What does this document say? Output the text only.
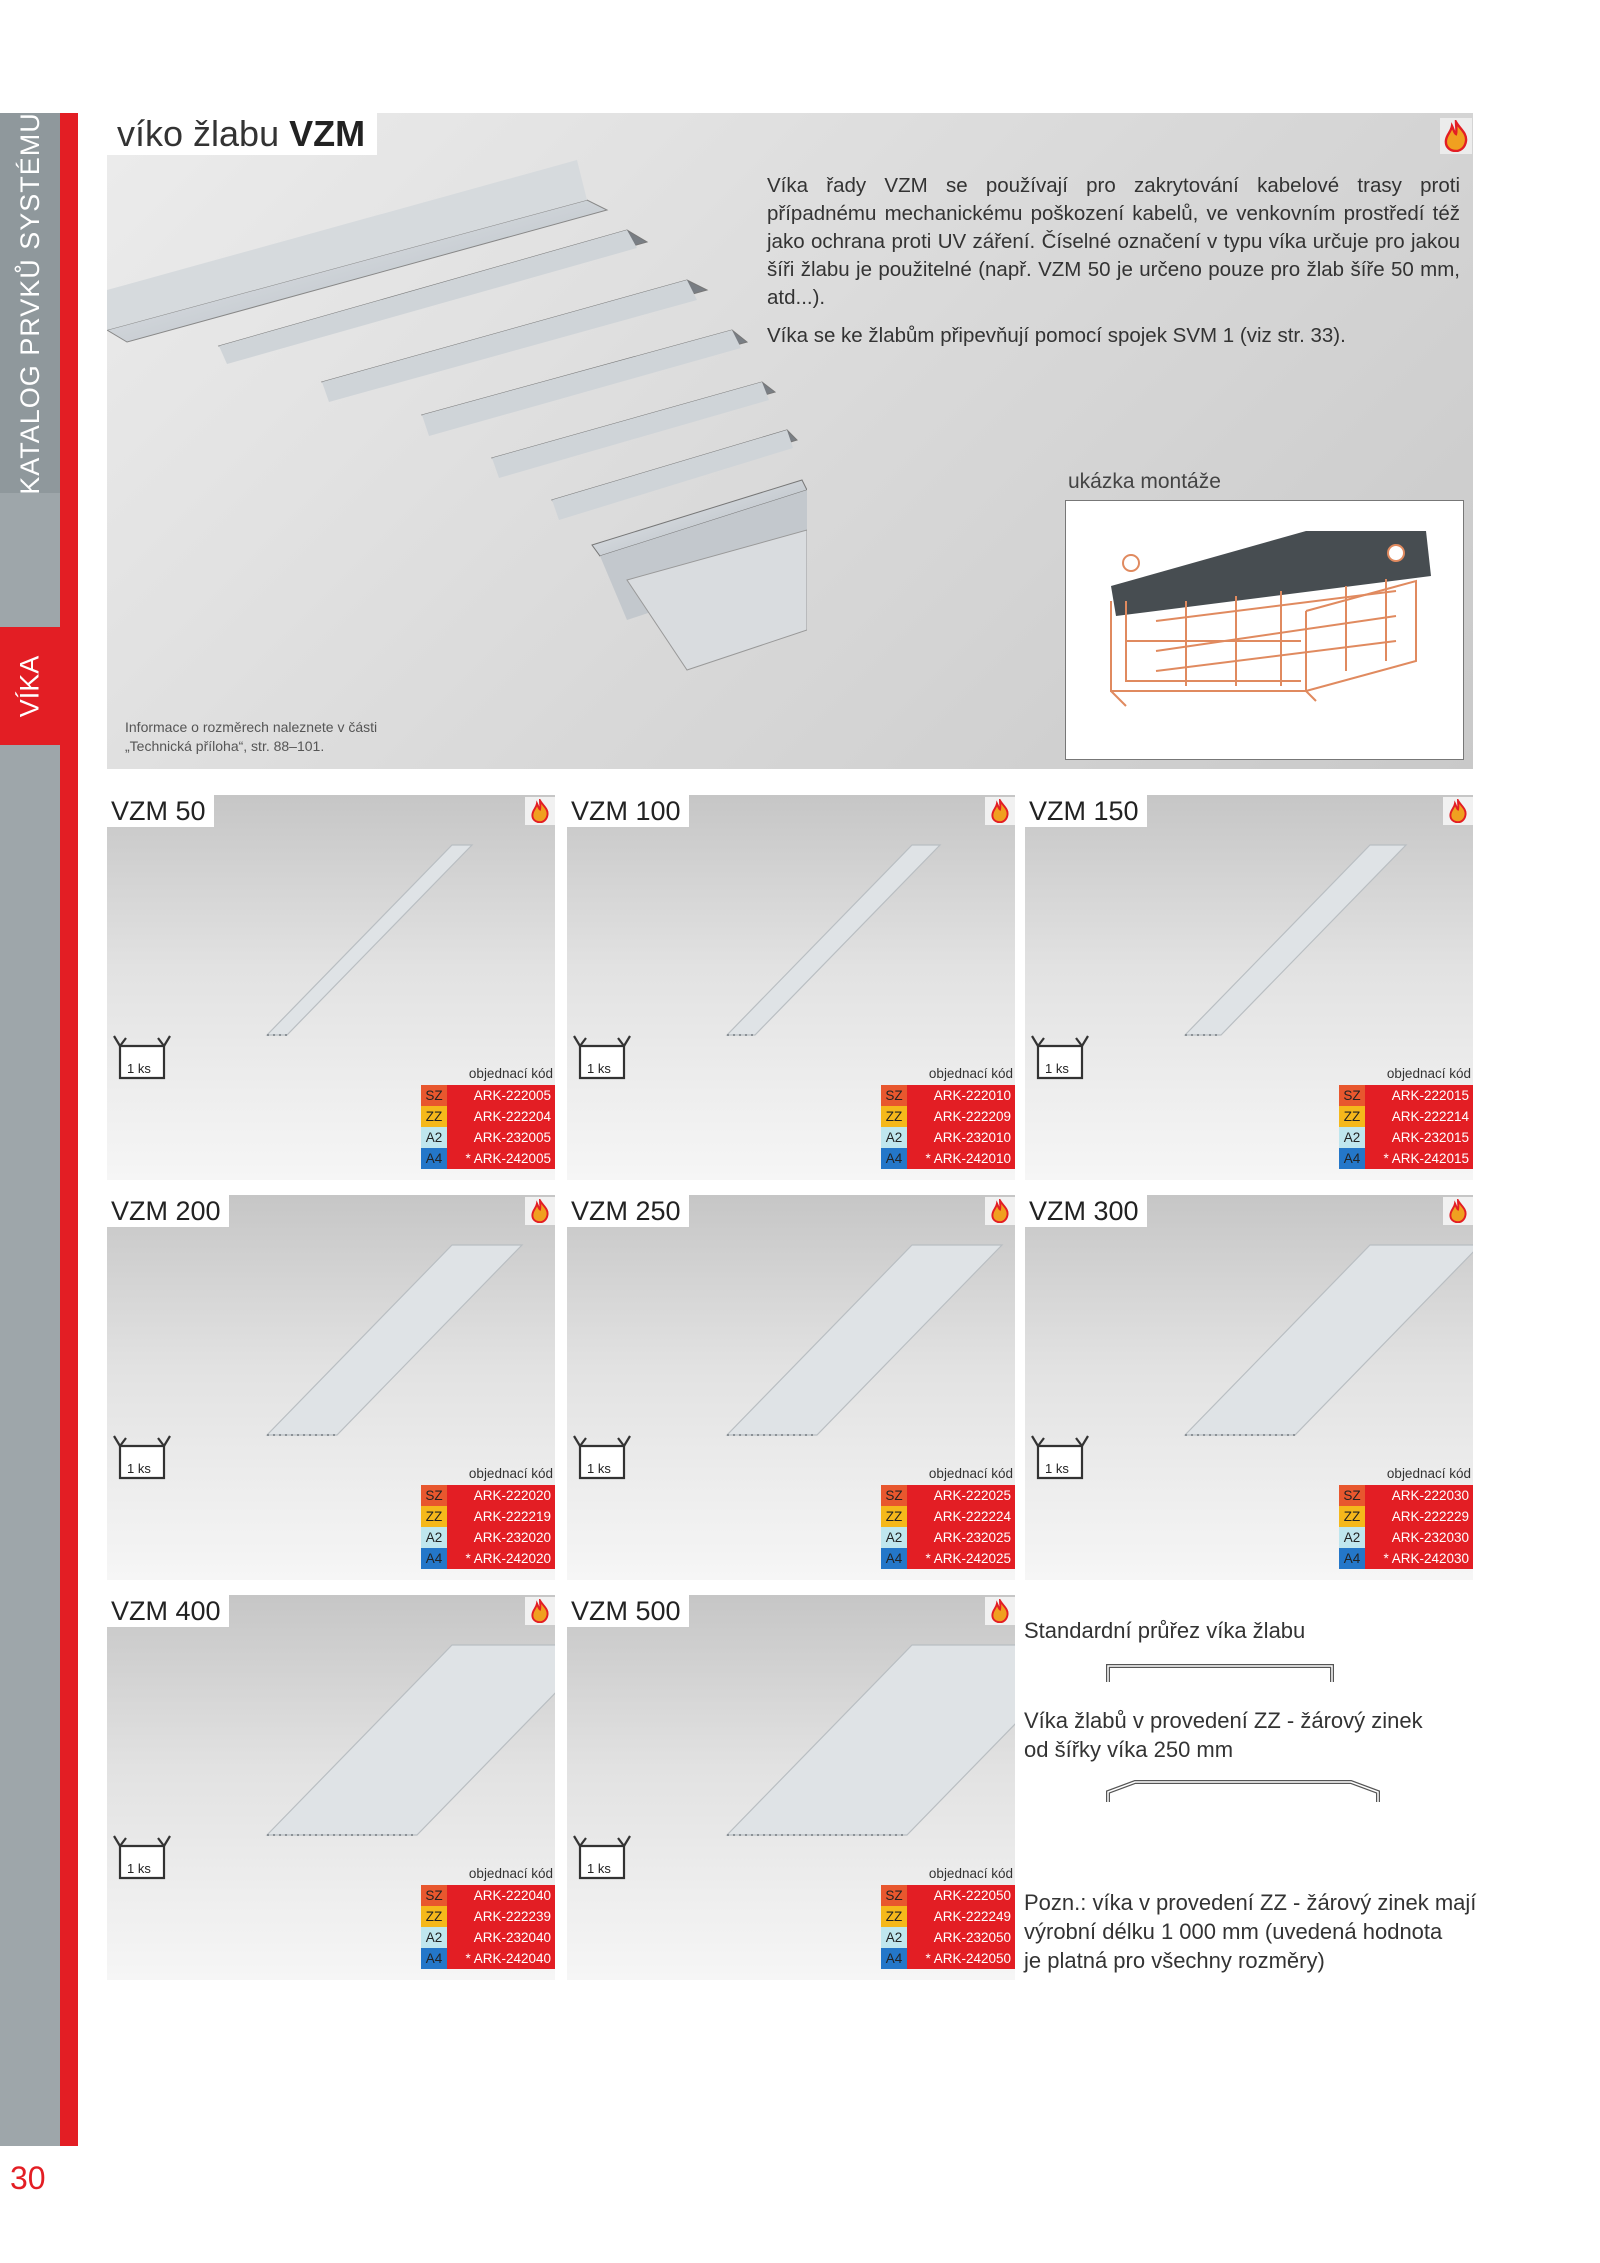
KATALOG PRVKŮ SYSTÉMU
VÍKA
30
víko žlabu VZM

Víka řady VZM se používají pro zakrytování kabelové trasy proti případnému mechanickému poškození kabelů, ve venkovním prostředí též jako ochrana proti UV záření. Číselné označení v typu víka určuje pro jakou šíři žlabu je použitelné (např. VZM 50 je určeno pouze pro žlab šíře 50 mm, atd...).

Víka se ke žlabům připevňují pomocí spojek SVM 1 (viz str. 33).

ukázka montáže
Informace o rozměrech naleznete v části
„Technická příloha“, str. 88–101.
VZM 50
1 ks	objednací kód
SZ	ARK-222005
ZZ	ARK-222204
A2	ARK-232005
A4	* ARK-242005
VZM 100
1 ks	objednací kód
SZ	ARK-222010
ZZ	ARK-222209
A2	ARK-232010
A4	* ARK-242010
VZM 150
1 ks	objednací kód
SZ	ARK-222015
ZZ	ARK-222214
A2	ARK-232015
A4	* ARK-242015
VZM 200
1 ks	objednací kód
SZ	ARK-222020
ZZ	ARK-222219
A2	ARK-232020
A4	* ARK-242020
VZM 250
1 ks	objednací kód
SZ	ARK-222025
ZZ	ARK-222224
A2	ARK-232025
A4	* ARK-242025
VZM 300
1 ks	objednací kód
SZ	ARK-222030
ZZ	ARK-222229
A2	ARK-232030
A4	* ARK-242030
VZM 400
1 ks	objednací kód
SZ	ARK-222040
ZZ	ARK-222239
A2	ARK-232040
A4	* ARK-242040
VZM 500
1 ks	objednací kód
SZ	ARK-222050
ZZ	ARK-222249
A2	ARK-232050
A4	* ARK-242050
Standardní průřez víka žlabu
Víka žlabů v provedení ZZ - žárový zinek
od šířky víka 250 mm
Pozn.: víka v provedení ZZ - žárový zinek mají
výrobní délku 1 000 mm (uvedená hodnota
je platná pro všechny rozměry)
